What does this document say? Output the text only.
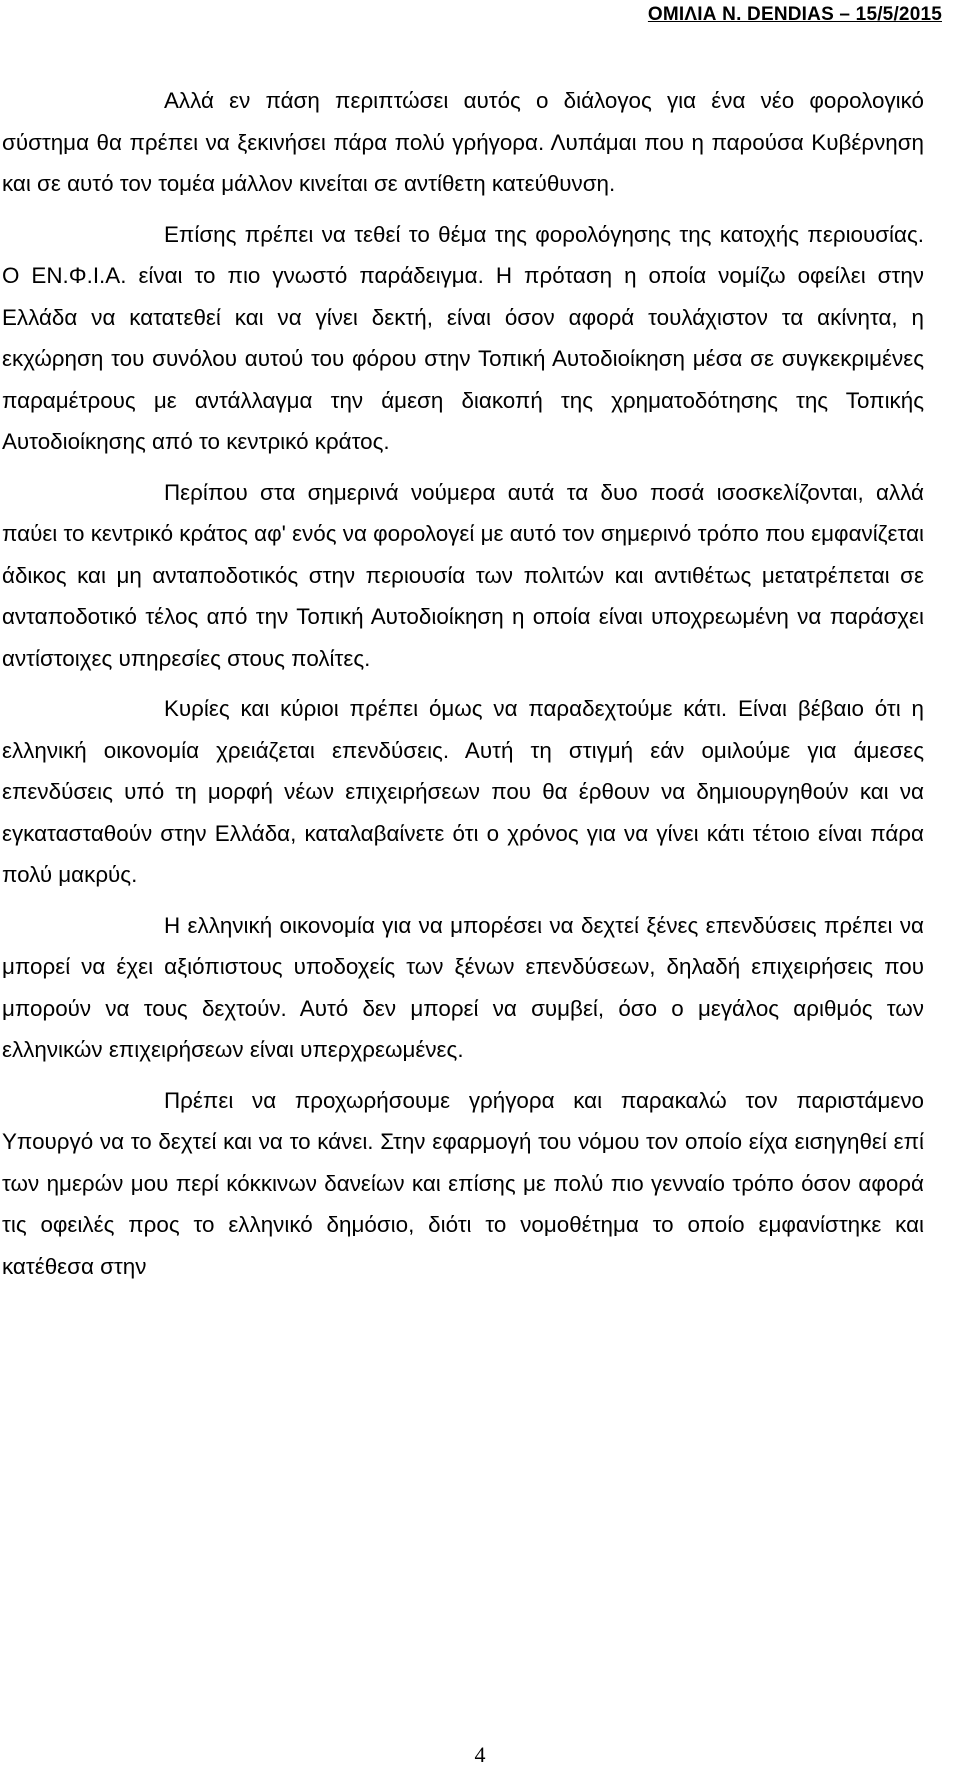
ΟΜΙΛΙΑ Ν. DENDIAS – 15/5/2015

Αλλά εν πάση περιπτώσει αυτός ο διάλογος για ένα νέο φορολογικό σύστημα θα πρέπει να ξεκινήσει πάρα πολύ γρήγορα. Λυπάμαι που η παρούσα Κυβέρνηση και σε αυτό τον τομέα μάλλον κινείται σε αντίθετη κατεύθυνση.

Επίσης πρέπει να τεθεί το θέμα της φορολόγησης της κατοχής περιουσίας. Ο ΕΝ.Φ.Ι.Α. είναι το πιο γνωστό παράδειγμα. Η πρόταση η οποία νομίζω οφείλει στην Ελλάδα να κατατεθεί και να γίνει δεκτή, είναι όσον αφορά τουλάχιστον τα ακίνητα, η εκχώρηση του συνόλου αυτού του φόρου στην Τοπική Αυτοδιοίκηση μέσα σε συγκεκριμένες παραμέτρους με αντάλλαγμα την άμεση διακοπή της χρηματοδότησης της Τοπικής Αυτοδιοίκησης από το κεντρικό κράτος.

Περίπου στα σημερινά νούμερα αυτά τα δυο ποσά ισοσκελίζονται, αλλά παύει το κεντρικό κράτος αφ' ενός να φορολογεί με αυτό τον σημερινό τρόπο που εμφανίζεται άδικος και μη ανταποδοτικός στην περιουσία των πολιτών και αντιθέτως μετατρέπεται σε ανταποδοτικό τέλος από την Τοπική Αυτοδιοίκηση η οποία είναι υποχρεωμένη να παράσχει αντίστοιχες υπηρεσίες στους πολίτες.

Κυρίες και κύριοι πρέπει όμως να παραδεχτούμε κάτι. Είναι βέβαιο ότι η ελληνική οικονομία χρειάζεται επενδύσεις. Αυτή τη στιγμή εάν ομιλούμε για άμεσες επενδύσεις υπό τη μορφή νέων επιχειρήσεων που θα έρθουν να δημιουργηθούν και να εγκατασταθούν στην Ελλάδα, καταλαβαίνετε ότι ο χρόνος για να γίνει κάτι τέτοιο είναι πάρα πολύ μακρύς.

Η ελληνική οικονομία για να μπορέσει να δεχτεί ξένες επενδύσεις πρέπει να μπορεί να έχει αξιόπιστους υποδοχείς των ξένων επενδύσεων, δηλαδή επιχειρήσεις που μπορούν να τους δεχτούν. Αυτό δεν μπορεί να συμβεί, όσο ο μεγάλος αριθμός των ελληνικών επιχειρήσεων είναι υπερχρεωμένες.

Πρέπει να προχωρήσουμε γρήγορα και παρακαλώ τον παριστάμενο Υπουργό να το δεχτεί και να το κάνει. Στην εφαρμογή του νόμου τον οποίο είχα εισηγηθεί επί των ημερών μου περί κόκκινων δανείων και επίσης με πολύ πιο γενναίο τρόπο όσον αφορά τις οφειλές προς το ελληνικό δημόσιο, διότι το νομοθέτημα το οποίο εμφανίστηκε και κατέθεσα στην

4
